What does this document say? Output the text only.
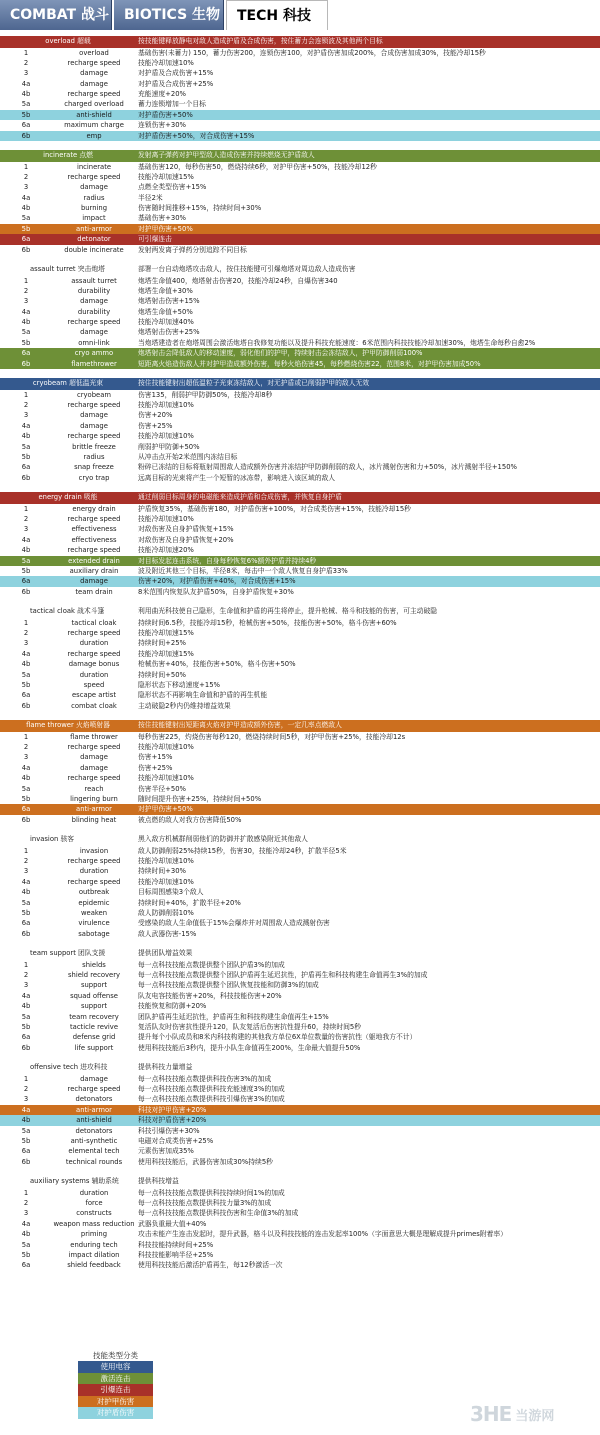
COMBAT 战斗	BIOTICS 生物	TECH 科技
overload 超载	按技能键释放静电对敌人造成护盾及合成伤害，按住蓄力会连锁波及其他两个目标
1	overload	基础伤害(未蓄力) 150，蓄力伤害200，连锁伤害100，对护盾伤害加成200%，合成伤害加成30%，技能冷却15秒
2	recharge speed	技能冷却加速10%
3	damage	对护盾及合成伤害+15%
4a	damage	对护盾及合成伤害+25%
4b	recharge speed	充能速度+20%
5a	charged overload	蓄力连锁增加一个目标
5b	anti-shield	对护盾伤害+50%
6a	maximum charge	连锁伤害+30%
6b	emp	对护盾伤害+50%，对合成伤害+15%
incinerate 点燃	发射离子弹药对护甲型敌人造成伤害并持续燃烧无护盾敌人
1	incinerate	基础伤害120，每秒伤害50，燃烧持续6秒，对护甲伤害+50%，技能冷却12秒
2	recharge speed	技能冷却加速15%
3	damage	点燃全类型伤害+15%
4a	radius	半径2米
4b	burning	伤害随时间推移+15%，持续时间+30%
5a	impact	基础伤害+30%
5b	anti-armor	对护甲伤害+50%
6a	detonator	可引爆连击
6b	double incinerate	发射两发离子弹药分别追踪不同目标
assault turret 突击炮塔	部署一台自动炮塔攻击敌人，按住技能键可引爆炮塔对周边敌人造成伤害
1	assault turret	炮塔生命值400，炮塔射击伤害20，技能冷却24秒，自爆伤害340
2	durability	炮塔生命值+30%
3	damage	炮塔射击伤害+15%
4a	durability	炮塔生命值+50%
4b	recharge speed	技能冷却加速40%
5a	damage	炮塔射击伤害+25%
5b	omni-link	当炮塔建造者在炮塔周围会激活炮塔自我修复功能以及提升科技充能速度：6米范围内科技技能冷却加速30%，炮塔生命每秒自愈2%
6a	cryo ammo	炮塔射击会降低敌人的移动速度，弱化他们的护甲，持续射击会冻结敌人，护甲防御削弱100%
6b	flamethrower	短距离火焰造伤敌人并对护甲造成额外伤害，每秒火焰伤害45，每秒燃烧伤害22，范围8米，对护甲伤害加成50%
cryobeam 超低温光束	按住技能键射出超低温粒子光束冻结敌人，对无护盾或已削弱护甲的敌人无效
1	cryobeam	伤害135，削弱护甲防御50%，技能冷却8秒
2	recharge speed	技能冷却加速10%
3	damage	伤害+20%
4a	damage	伤害+25%
4b	recharge speed	技能冷却加速10%
5a	brittle freeze	削弱护甲防御+50%
5b	radius	从冲击点开始2米范围内冻结目标
6a	snap freeze	粉碎已冻结的目标将瓶射周围敌人造成额外伤害并冻结护甲防御削弱的敌人，冰片溅射伤害和力+50%，冰片溅射半径+150%
6b	cryo trap	远离目标的光束将产生一个短暂的冰冻带，影响进入该区域的敌人
energy drain 吸能	通过削弱目标周身的电磁能来造成护盾和合成伤害，并恢复自身护盾
1	energy drain	护盾恢复35%，基础伤害180，对护盾伤害+100%，对合成类伤害+15%，技能冷却15秒
2	recharge speed	技能冷却加速10%
3	effectiveness	对敌伤害及自身护盾恢复+15%
4a	effectiveness	对敌伤害及自身护盾恢复+20%
4b	recharge speed	技能冷却加速20%
5a	extended drain	对目标发起连击系统，自身每秒恢复6%额外护盾并持续4秒
5b	auxiliary drain	波及附近其他三个目标，半径8米，每击中一个敌人恢复自身护盾33%
6a	damage	伤害+20%，对护盾伤害+40%，对合成伤害+15%
6b	team drain	8米范围内恢复队友护盾50%，自身护盾恢复+30%
tactical cloak 战术斗篷	利用曲光科技使自己隐形，生命值和护盾的再生将停止，提升枪械、格斗和技能的伤害，可主动破隐
1	tactical cloak	持续时间6.5秒，技能冷却15秒，枪械伤害+50%，技能伤害+50%，格斗伤害+60%
2	recharge speed	技能冷却加速15%
3	duration	持续时间+25%
4a	recharge speed	技能冷却加速15%
4b	damage bonus	枪械伤害+40%，技能伤害+50%，格斗伤害+50%
5a	duration	持续时间+50%
5b	speed	隐形状态下移动速度+15%
6a	escape artist	隐形状态不再影响生命值和护盾的再生机能
6b	combat cloak	主动破隐2秒内仍维持增益效果
flame thrower 火焰喷射器	按住技能键射出短距离火焰对护甲造成额外伤害，一定几率点燃敌人
1	flame thrower	每秒伤害225，灼烧伤害每秒120，燃烧持续时间5秒，对护甲伤害+25%，技能冷却12s
2	recharge speed	技能冷却加速10%
3	damage	伤害+15%
4a	damage	伤害+25%
4b	recharge speed	技能冷却加速10%
5a	reach	伤害半径+50%
5b	lingering burn	随时间提升伤害+25%，持续时间+50%
6a	anti-armor	对护甲伤害+50%
6b	blinding heat	被点燃的敌人对我方伤害降低50%
invasion 骇客	黑入敌方机械群削弱他们的防御并扩散感染附近其他敌人
1	invasion	敌人防御削弱25%持续15秒，伤害30，技能冷却24秒，扩散半径5米
2	recharge speed	技能冷却加速10%
3	duration	持续时间+30%
4a	recharge speed	技能冷却加速10%
4b	outbreak	目标周围感染3个敌人
5a	epidemic	持续时间+40%，扩散半径+20%
5b	weaken	敌人防御削弱10%
6a	virulence	受感染的敌人生命值低于15%会爆炸并对周围敌人造成溅射伤害
6b	sabotage	敌人武器伤害-15%
team support 团队支援	提供团队增益效果
1	shields	每一点科技技能点数提供整个团队护盾3%的加成
2	shield recovery	每一点科技技能点数提供整个团队护盾再生延迟抗性，护盾再生和科技构建生命值再生3%的加成
3	support	每一点科技技能点数提供整个团队恢复技能和防御3%的加成
4a	squad offense	队友电容技能伤害+20%，科技技能伤害+20%
4b	support	技能恢复和防御+20%
5a	team recovery	团队护盾再生延迟抗性，护盾再生和科技构建生命值再生+15%
5b	tacticle revive	复活队友时伤害抗性提升120，队友复活后伤害抗性提升60，持续时间5秒
6a	defense grid	提升每个小队成员和8米内科技构建的其他我方单位6X单位数量的伤害抗性（躯地我方不计）
6b	life support	使用科技技能后3秒内，提升小队生命值再生200%，生命最大值提升50%
offensive tech 进攻科技	提供科技力量增益
1	damage	每一点科技技能点数提供科技伤害3%的加成
2	recharge speed	每一点科技技能点数提供科技充能速度3%的加成
3	detonators	每一点科技技能点数提供科技引爆伤害3%的加成
4a	anti-armor	科技对护甲伤害+20%
4b	anti-shield	科技对护盾伤害+20%
5a	detonators	科技引爆伤害+30%
5b	anti-synthetic	电磁对合成类伤害+25%
6a	elemental tech	元素伤害加成35%
6b	technical rounds	使用科技技能后，武器伤害加成30%持续5秒
auxiliary systems 辅助系统	提供科技增益
1	duration	每一点科技技能点数提供科技持续时间1%的加成
2	force	每一点科技技能点数提供科技力量3%的加成
3	constructs	每一点科技技能点数提供科技伤害和生命值3%的加成
4a	weapon mass reduction 武器负重最大值+40%
4b	priming	攻击未能产生连击发起时，提升武器，格斗以及科技技能的连击发起率100%（字面意思大概是理解成提升primes附着率）
5a	enduring tech	科技技能持续时间+25%
5b	impact dilation	科技技能影响半径+25%
6a	shield feedback	使用科技技能后激活护盾再生，每12秒激活一次
技能类型分类
使用电容
激活连击
引爆连击
对护甲伤害
对护盾伤害	3HE 当游网
